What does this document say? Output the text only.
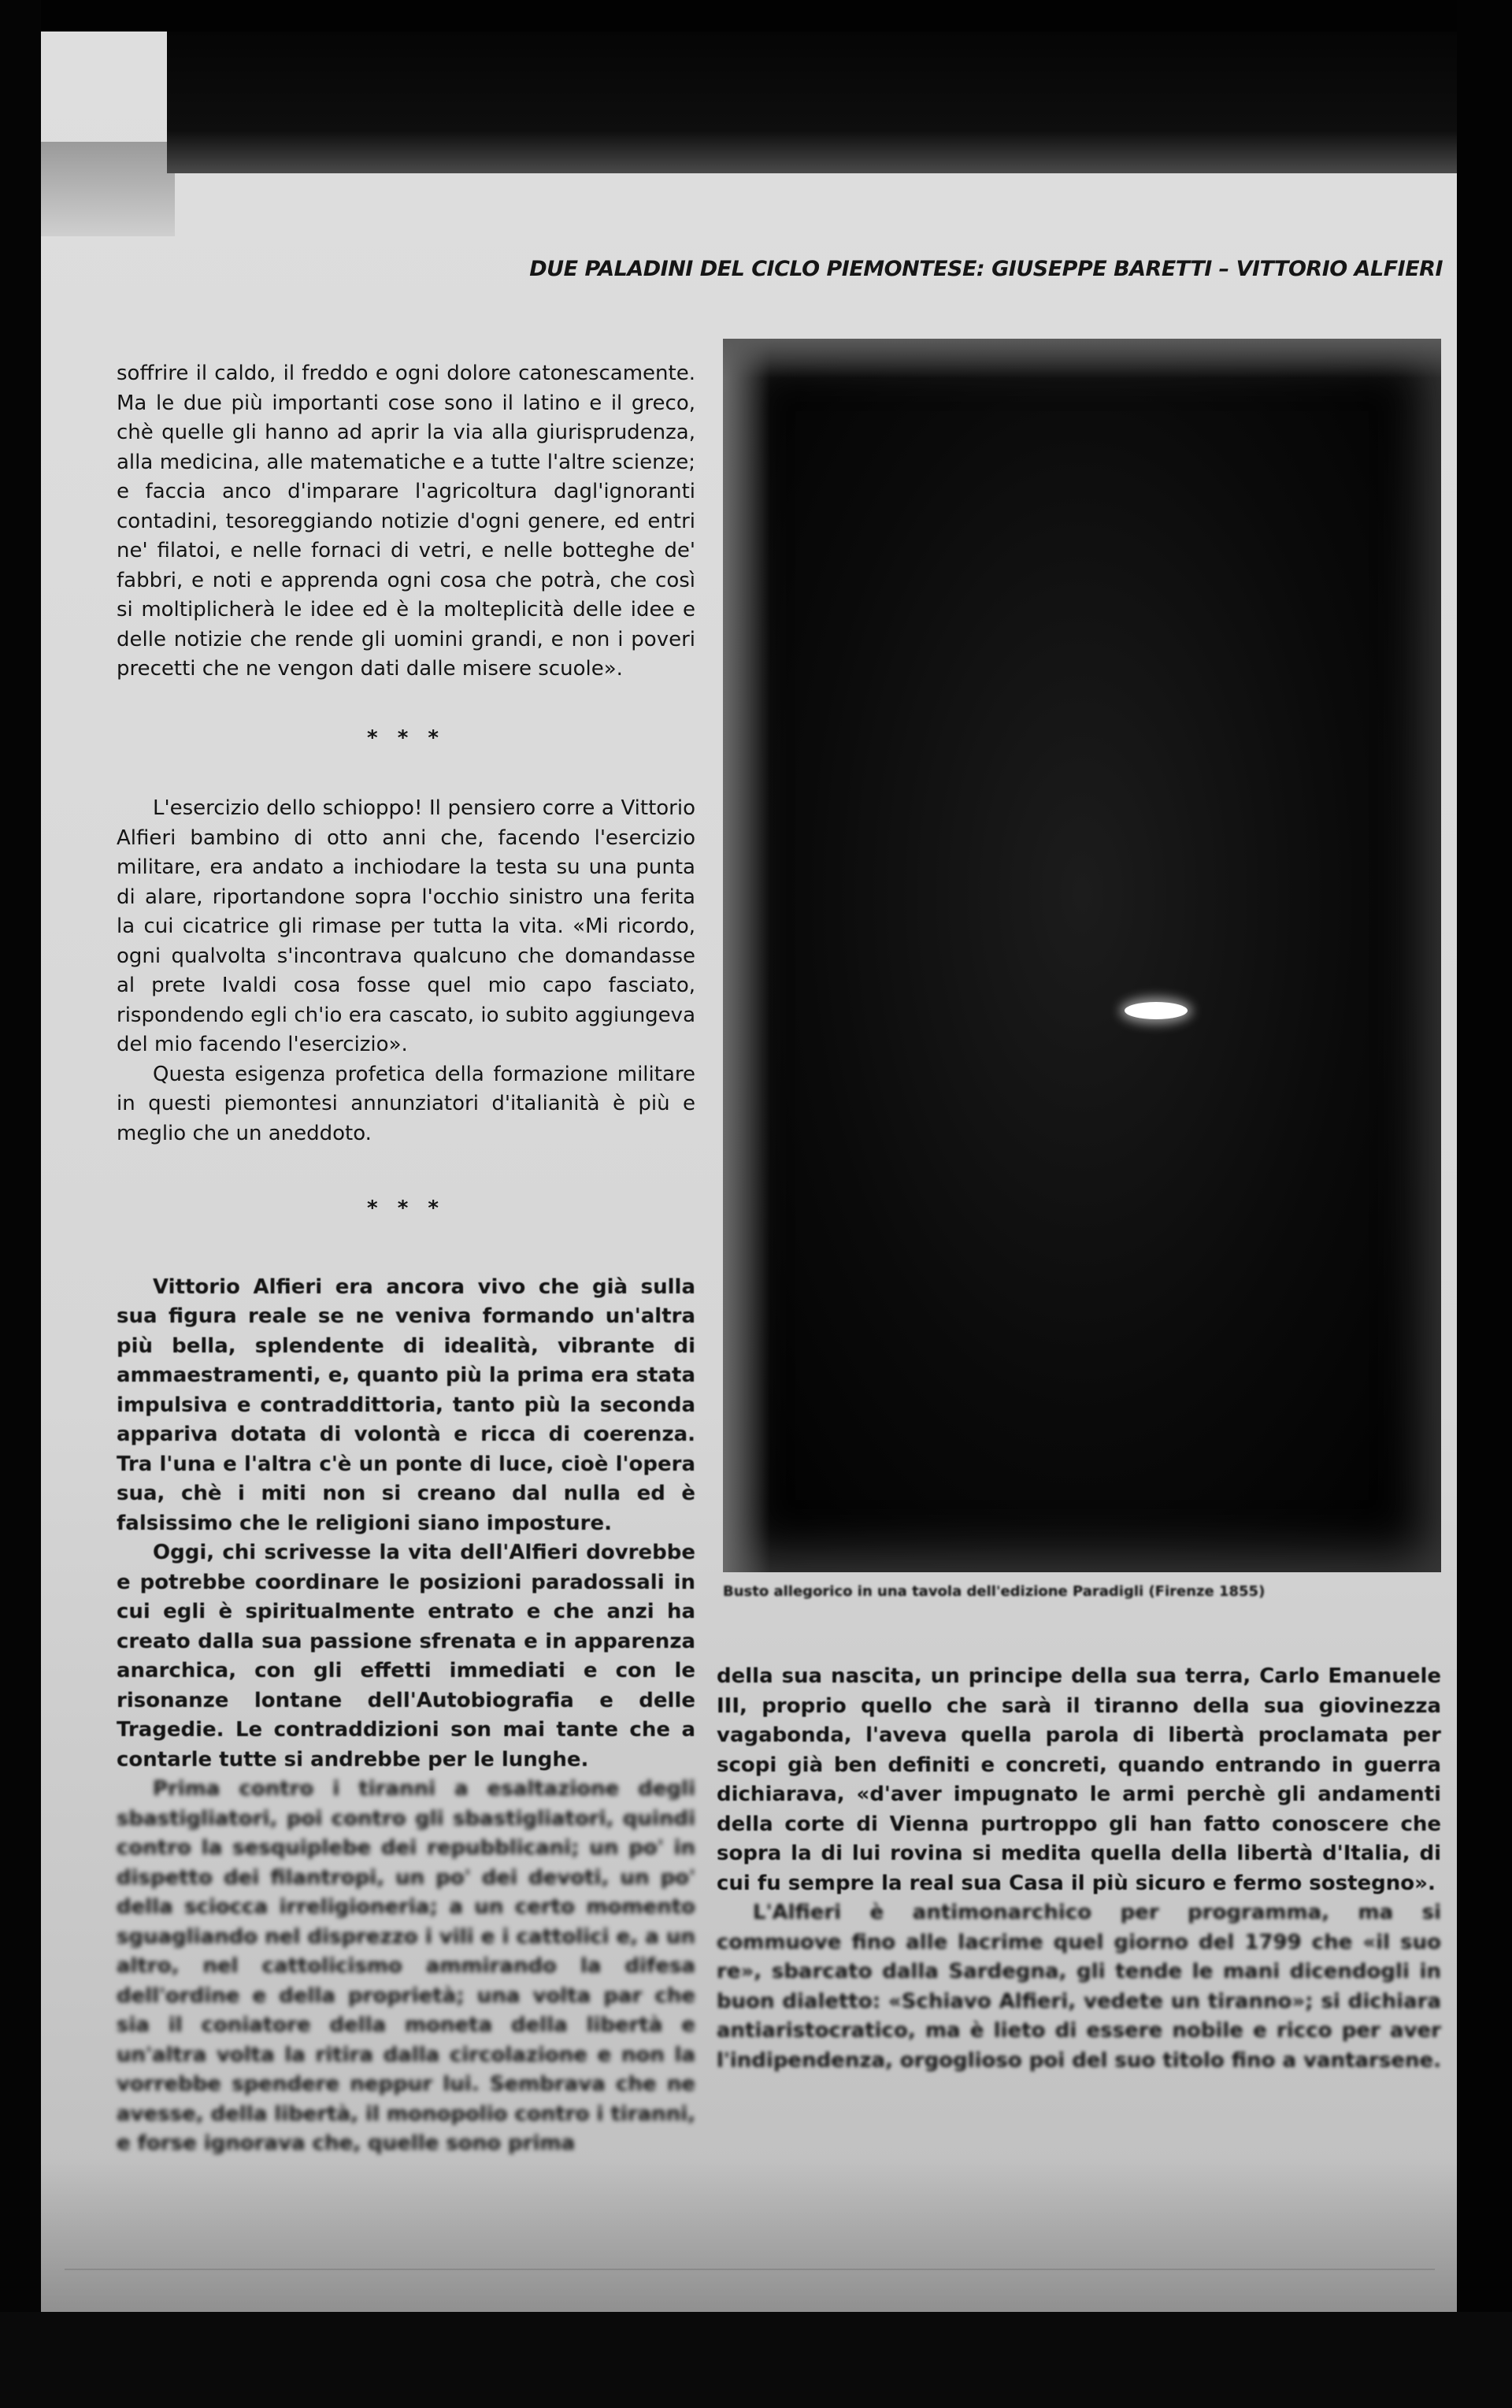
DUE PALADINI DEL CICLO PIEMONTESE: GIUSEPPE BARETTI – VITTORIO ALFIERI

soffrire il caldo, il freddo e ogni dolore catonescamente. Ma le due più importanti cose sono il latino e il greco, chè quelle gli hanno ad aprir la via alla giurisprudenza, alla medicina, alle matematiche e a tutte l'altre scienze; e faccia anco d'imparare l'agricoltura dagl'ignoranti contadini, tesoreggiando notizie d'ogni genere, ed entri ne' filatoi, e nelle fornaci di vetri, e nelle botteghe de' fabbri, e noti e apprenda ogni cosa che potrà, che così si moltiplicherà le idee ed è la molteplicità delle idee e delle notizie che rende gli uomini grandi, e non i poveri precetti che ne vengon dati dalle misere scuole».

* * *

L'esercizio dello schioppo! Il pensiero corre a Vittorio Alfieri bambino di otto anni che, facendo l'esercizio militare, era andato a inchiodare la testa su una punta di alare, riportandone sopra l'occhio sinistro una ferita la cui cicatrice gli rimase per tutta la vita. «Mi ricordo, ogni qualvolta s'incontrava qualcuno che domandasse al prete Ivaldi cosa fosse quel mio capo fasciato, rispondendo egli ch'io era cascato, io subito aggiungeva del mio facendo l'esercizio».

Questa esigenza profetica della formazione militare in questi piemontesi annunziatori d'italianità è più e meglio che un aneddoto.

* * *

Vittorio Alfieri era ancora vivo che già sulla sua figura reale se ne veniva formando un'altra più bella, splendente di idealità, vibrante di ammaestramenti, e, quanto più la prima era stata impulsiva e contraddittoria, tanto più la seconda appariva dotata di volontà e ricca di coerenza. Tra l'una e l'altra c'è un ponte di luce, cioè l'opera sua, chè i miti non si creano dal nulla ed è falsissimo che le religioni siano imposture.

Oggi, chi scrivesse la vita dell'Alfieri dovrebbe e potrebbe coordinare le posizioni paradossali in cui egli è spiritualmente entrato e che anzi ha creato dalla sua passione sfrenata e in apparenza anarchica, con gli effetti immediati e con le risonanze lontane dell'Autobiografia e delle Tragedie. Le contraddizioni son mai tante che a contarle tutte si andrebbe per le lunghe.

Prima contro i tiranni a esaltazione degli sbastigliatori, poi contro gli sbastigliatori, quindi contro la sesquiplebe dei repubblicani; un po' in dispetto dei filantropi, un po' dei devoti, un po' della sciocca irreligioneria; a un certo momento sguagliando nel disprezzo i vili e i cattolici e, a un altro, nel cattolicismo ammirando la difesa dell'ordine e della proprietà; una volta par che sia il coniatore della moneta della libertà e un'altra volta la ritira dalla circolazione e non la vorrebbe spendere neppur lui. Sembrava che ne avesse, della libertà, il monopolio contro i tiranni, e forse ignorava che, quelle sono prima

Busto allegorico in una tavola dell'edizione Paradigli (Firenze 1855)

della sua nascita, un principe della sua terra, Carlo Emanuele III, proprio quello che sarà il tiranno della sua giovinezza vagabonda, l'aveva quella parola di libertà proclamata per scopi già ben definiti e concreti, quando entrando in guerra dichiarava, «d'aver impugnato le armi perchè gli andamenti della corte di Vienna purtroppo gli han fatto conoscere che sopra la di lui rovina si medita quella della libertà d'Italia, di cui fu sempre la real sua Casa il più sicuro e fermo sostegno».

L'Alfieri è antimonarchico per programma, ma si commuove fino alle lacrime quel giorno del 1799 che «il suo re», sbarcato dalla Sardegna, gli tende le mani dicendogli in buon dialetto: «Schiavo Alfieri, vedete un tiranno»; si dichiara antiaristocratico, ma è lieto di essere nobile e ricco per aver l'indipendenza, orgoglioso poi del suo titolo fino a vantarsene.
